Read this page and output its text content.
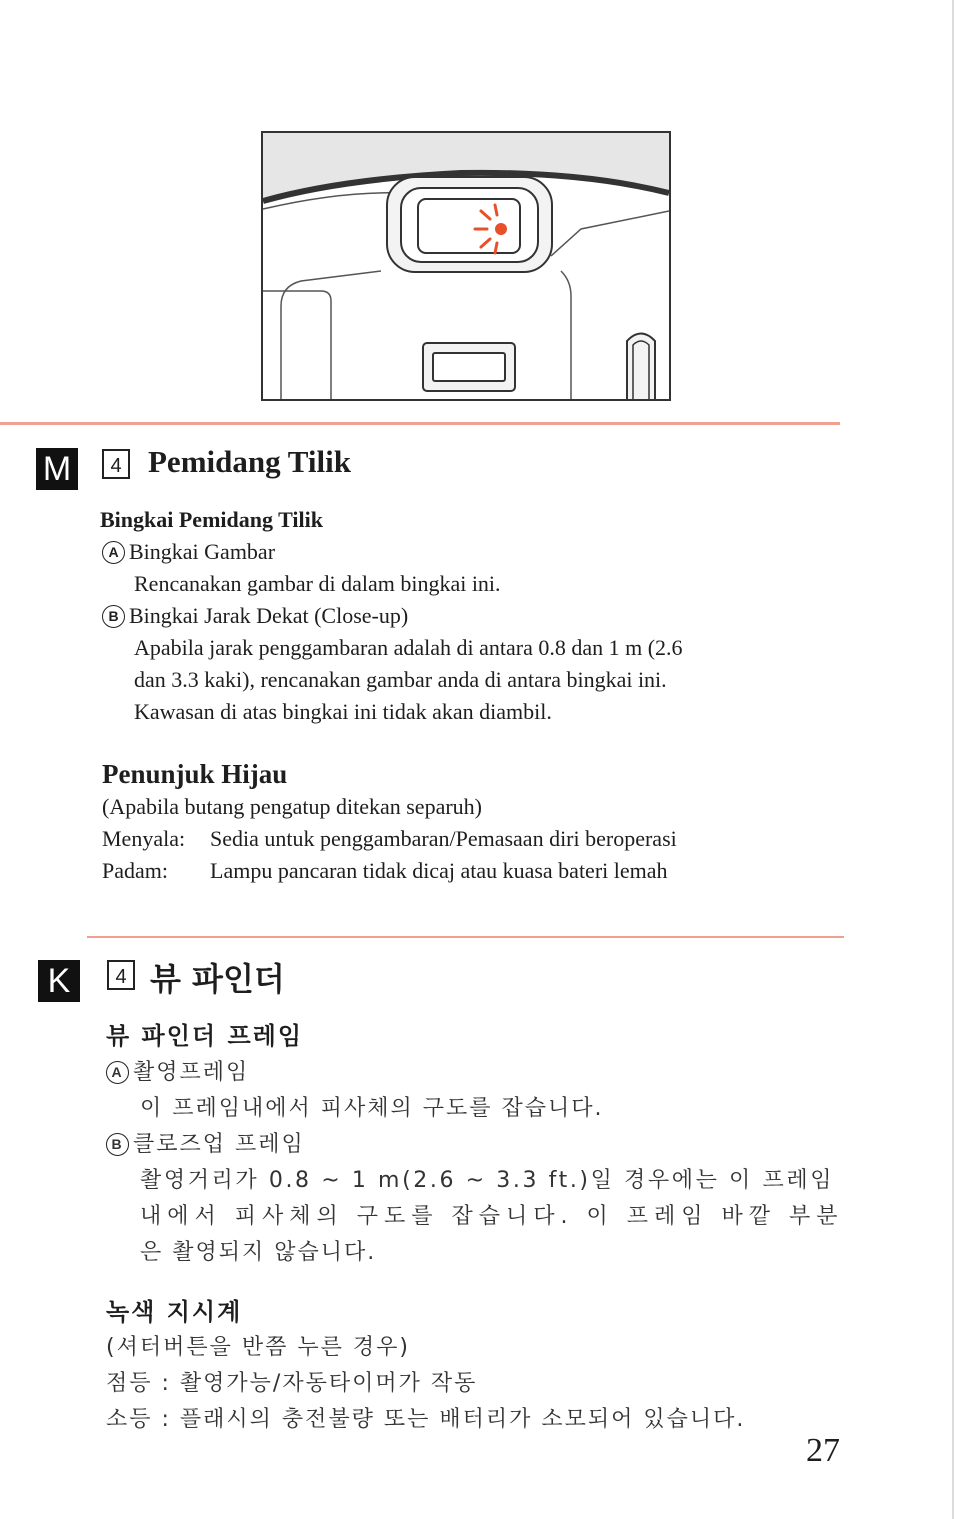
M	4 Pemidang Tilik
Bingkai Pemidang Tilik
A Bingkai Gambar
Rencanakan gambar di dalam bingkai ini.
B Bingkai Jarak Dekat (Close-up)
Apabila jarak penggambaran adalah di antara 0.8 dan 1 m (2.6
dan 3.3 kaki), rencanakan gambar anda di antara bingkai ini.
Kawasan di atas bingkai ini tidak akan diambil.
Penunjuk Hijau
(Apabila butang pengatup ditekan separuh)
Menyala: Sedia untuk penggambaran/Pemasaan diri beroperasi
Padam: Lampu pancaran tidak dicaj atau kuasa bateri lemah
K	4 뷰 파인더
뷰 파인더 프레임
A 촬영프레임
이 프레임내에서 피사체의 구도를 잡습니다.
B 클로즈업 프레임
촬영거리가 0.8 ~ 1 m(2.6 ~ 3.3 ft.)일 경우에는 이 프레임
내에서 피사체의 구도를 잡습니다. 이 프레임 바깥 부분
은 촬영되지 않습니다.
녹색 지시계
(셔터버튼을 반쯤 누른 경우)
점등 : 촬영가능/자동타이머가 작동
소등 : 플래시의 충전불량 또는 배터리가 소모되어 있습니다.
27
